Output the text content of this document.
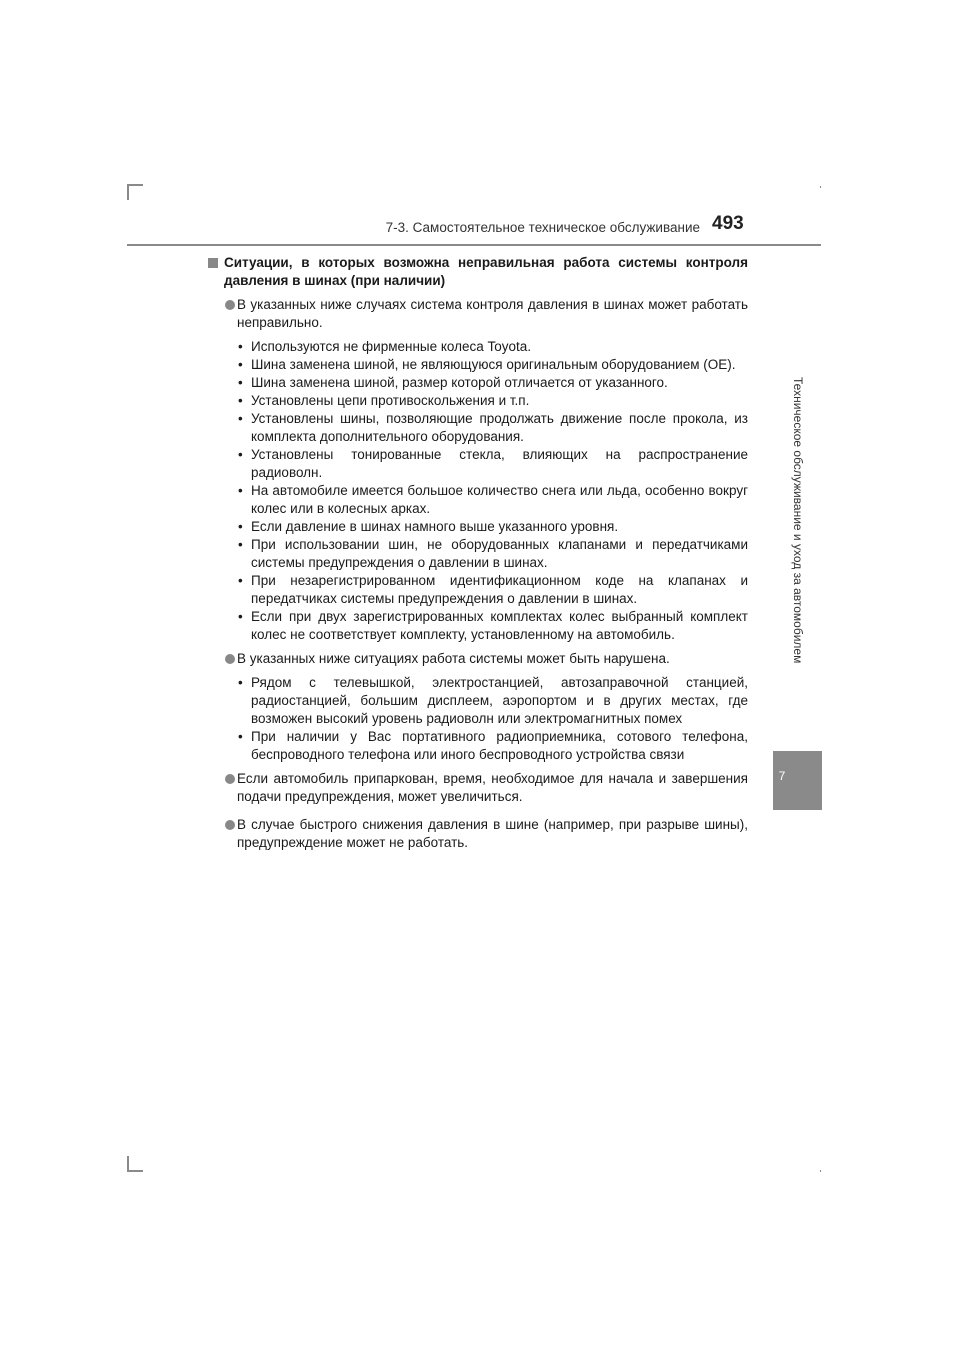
7-3. Самостоятельное техническое обслуживание 493
Техническое обслуживание и уход за автомобилем
7
Ситуации, в которых возможна неправильная работа системы контроля давления в шинах (при наличии)
В указанных ниже случаях система контроля давления в шинах может работать неправильно.
• Используются не фирменные колеса Toyota.
• Шина заменена шиной, не являющуюся оригинальным оборудованием (OE).
• Шина заменена шиной, размер которой отличается от указанного.
• Установлены цепи противоскольжения и т.п.
• Установлены шины, позволяющие продолжать движение после прокола, из комплекта дополнительного оборудования.
• Установлены тонированные стекла, влияющих на распространение радиоволн.
• На автомобиле имеется большое количество снега или льда, особенно вокруг колес или в колесных арках.
• Если давление в шинах намного выше указанного уровня.
• При использовании шин, не оборудованных клапанами и передатчиками системы предупреждения о давлении в шинах.
• При незарегистрированном идентификационном коде на клапанах и передатчиках системы предупреждения о давлении в шинах.
• Если при двух зарегистрированных комплектах колес выбранный комплект колес не соответствует комплекту, установленному на автомобиль.
В указанных ниже ситуациях работа системы может быть нарушена.
• Рядом с телевышкой, электростанцией, автозаправочной станцией, радиостанцией, большим дисплеем, аэропортом и в других местах, где возможен высокий уровень радиоволн или электромагнитных помех
• При наличии у Вас портативного радиоприемника, сотового телефона, беспроводного телефона или иного беспроводного устройства связи
Если автомобиль припаркован, время, необходимое для начала и завершения подачи предупреждения, может увеличиться.
В случае быстрого снижения давления в шине (например, при разрыве шины), предупреждение может не работать.
